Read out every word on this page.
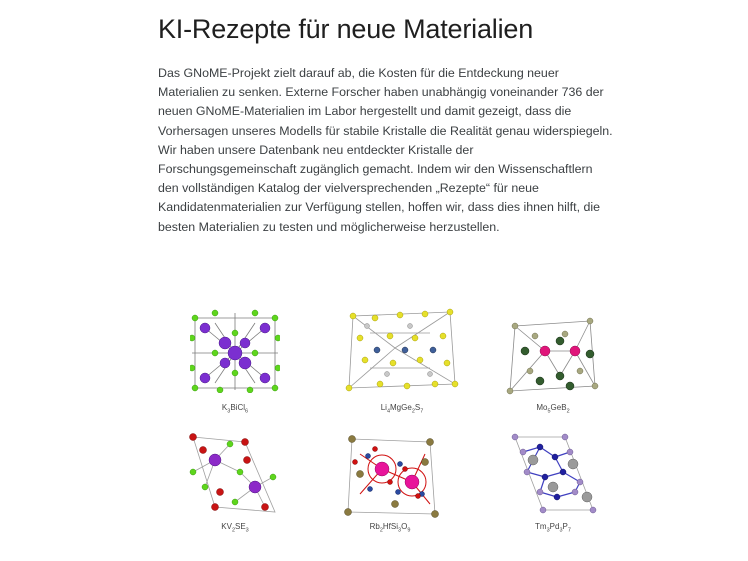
KI-Rezepte für neue Materialien

Das GNoME-Projekt zielt darauf ab, die Kosten für die Entdeckung neuer Materialien zu senken. Externe Forscher haben unabhängig voneinander 736 der neuen GNoME-Materialien im Labor hergestellt und damit gezeigt, dass die Vorhersagen unseres Modells für stabile Kristalle die Realität genau widerspiegeln. Wir haben unsere Datenbank neu entdeckter Kristalle der Forschungsgemeinschaft zugänglich gemacht. Indem wir den Wissenschaftlern den vollständigen Katalog der vielversprechenden „Rezepte“ für neue Kandidatenmaterialien zur Verfügung stellen, hoffen wir, dass dies ihnen hilft, die besten Materialien zu testen und möglicherweise herzustellen.

$K_3BiCl_6$	$Li_4MgGe_2S_7$	$Mo_5GeB_2$
$KV_2SE_3$	$Rb_2HfSi_3O_9$	$Tm_3Pd_3P_7$
